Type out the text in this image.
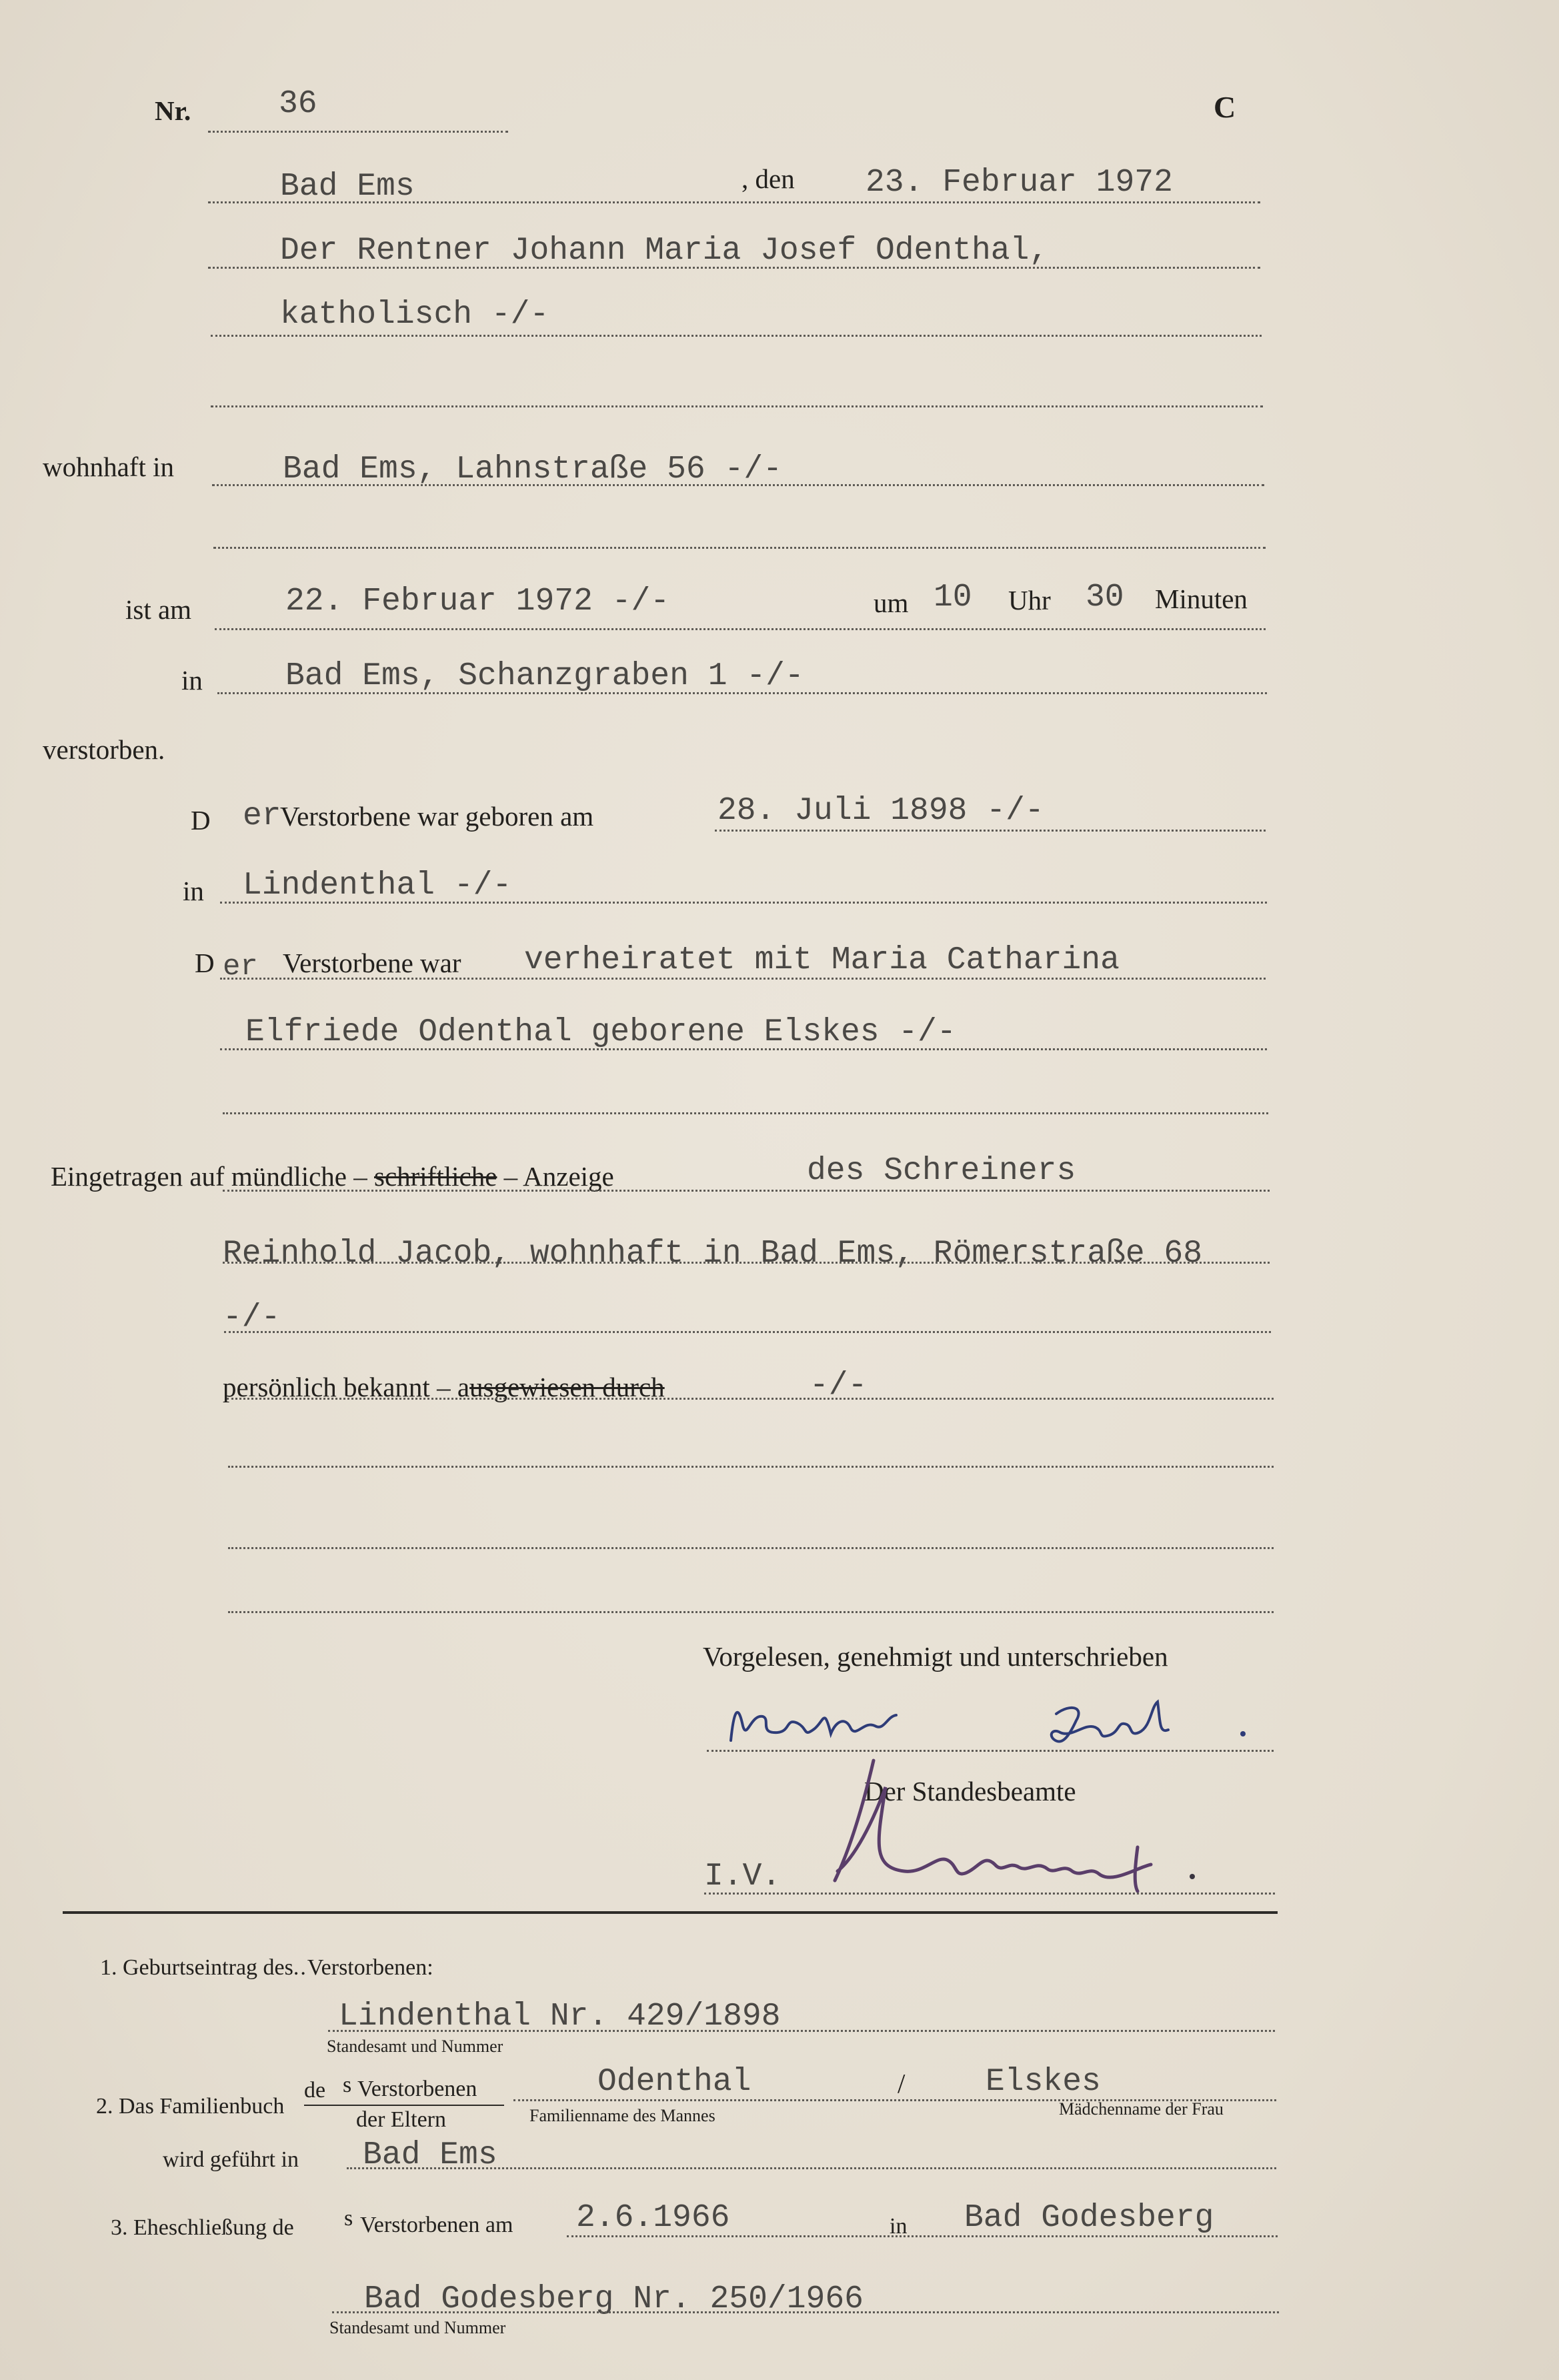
Nr.	36	C
Bad Ems	, den 23. Februar 1972
Der Rentner Johann Maria Josef Odenthal,
katholisch -/-
wohnhaft in	Bad Ems, Lahnstraße 56 -/-
ist am	22. Februar 1972 -/-	um 10 Uhr 30 Minuten
in	Bad Ems, Schanzgraben 1 -/-
verstorben.
D er
Verstorbene war geboren am	28. Juli 1898 -/-
in Lindenthal -/-
D er Verstorbene war verheiratet mit Maria Catharina
Elfriede Odenthal geborene Elskes -/-
Eingetragen auf mündliche – schriftliche – Anzeige	des Schreiners
Reinhold Jacob, wohnhaft in Bad Ems, Römerstraße 68
-/-
persönlich bekannt – ausgewiesen durch	-/-
Vorgelesen, genehmigt und unterschrieben
Der Standesbeamte
I.V.
1. Geburtseintrag des..Verstorbenen:
Lindenthal Nr. 429/1898
Standesamt und Nummer
de s Verstorbenen
der Eltern
2. Das Familienbuch
Odenthal	/	Elskes
Familienname des Mannes	Mädchenname der Frau
wird geführt in Bad Ems
3. Eheschließung de s Verstorbenen am 2.6.1966	in Bad Godesberg
Bad Godesberg Nr. 250/1966
Standesamt und Nummer
